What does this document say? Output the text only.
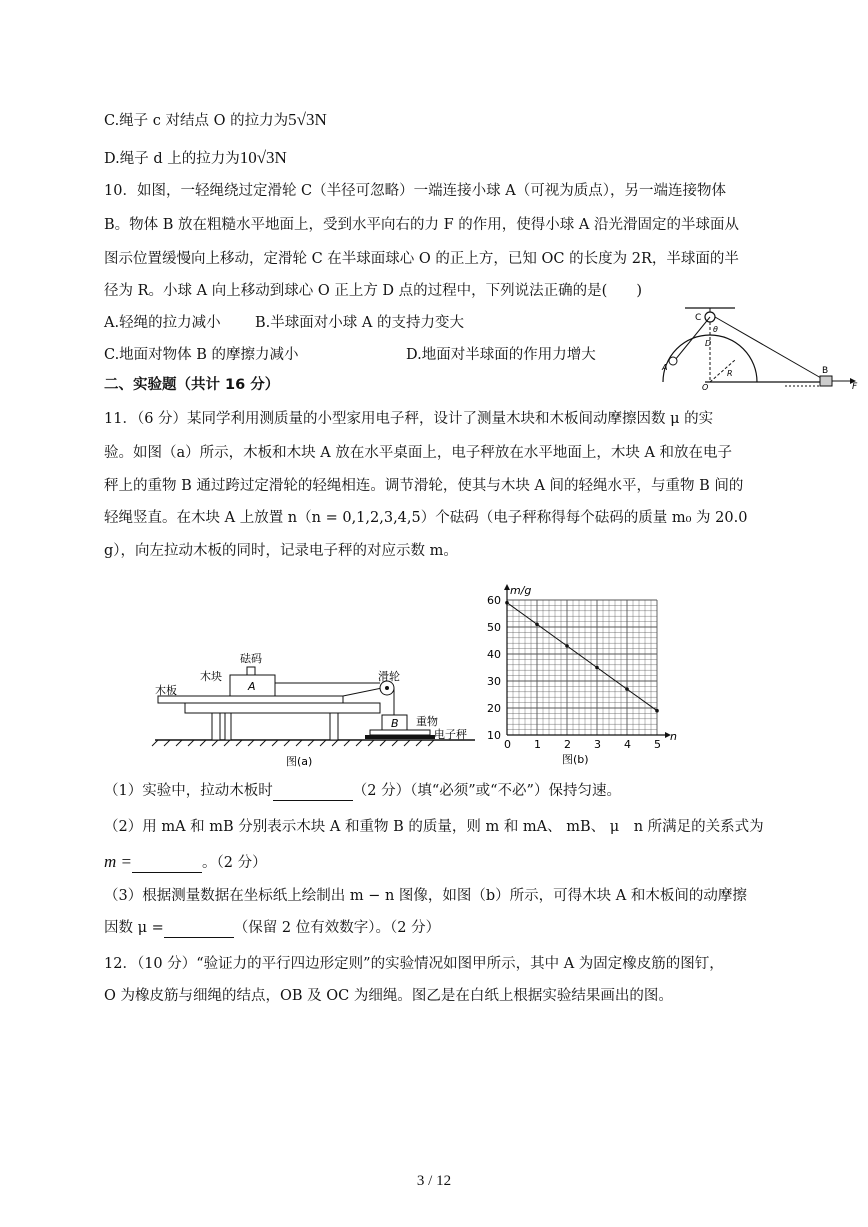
C.绳子 c 对结点 O 的拉力为5√3N
D.绳子 d 上的拉力为10√3N
10．如图，一轻绳绕过定滑轮 C（半径可忽略）一端连接小球 A（可视为质点），另一端连接物体
B。物体 B 放在粗糙水平地面上，受到水平向右的力 F 的作用，使得小球 A 沿光滑固定的半球面从
图示位置缓慢向上移动，定滑轮 C 在半球面球心 O 的正上方，已知 OC 的长度为 2R，半球面的半
径为 R。小球 A 向上移动到球心 O 正上方 D 点的过程中，下列说法正确的是(　　)
A.轻绳的拉力减小 B.半球面对小球 A 的支持力变大
C.地面对物体 B 的摩擦力减小	D.地面对半球面的作用力增大
C
θ
D
A
R
O
B
F
二、实验题（共计 16 分）
11．（6 分）某同学利用测质量的小型家用电子秤，设计了测量木块和木板间动摩擦因数 μ 的实
验。如图（a）所示，木板和木块 A 放在水平桌面上，电子秤放在水平地面上，木块 A 和放在电子
秤上的重物 B 通过跨过定滑轮的轻绳相连。调节滑轮，使其与木块 A 间的轻绳水平，与重物 B 间的
轻绳竖直。在木块 A 上放置 n（n = 0,1,2,3,4,5）个砝码（电子秤称得每个砝码的质量 m₀ 为 20.0
g），向左拉动木板的同时，记录电子秤的对应示数 m。
砝码
木块
A
木板
滑轮
B 重物
电子秤
图(a)
0 1 2 3 4 5
10
20
30
40
50
60
m/g
n
图(b)
（1）实验中，拉动木板时	（2 分）（填“必须”或“不必”）保持匀速。
（2）用 mA 和 mB 分别表示木块 A 和重物 B 的质量，则 m 和 mA、 mB、 μ　n 所满足的关系式为
m =	。（2 分）
（3）根据测量数据在坐标纸上绘制出 m − n 图像，如图（b）所示，可得木块 A 和木板间的动摩擦
因数 μ =	（保留 2 位有效数字）。（2 分）
12．（10 分）“验证力的平行四边形定则”的实验情况如图甲所示，其中 A 为固定橡皮筋的图钉，
O 为橡皮筋与细绳的结点，OB 及 OC 为细绳。图乙是在白纸上根据实验结果画出的图。
3 / 12
